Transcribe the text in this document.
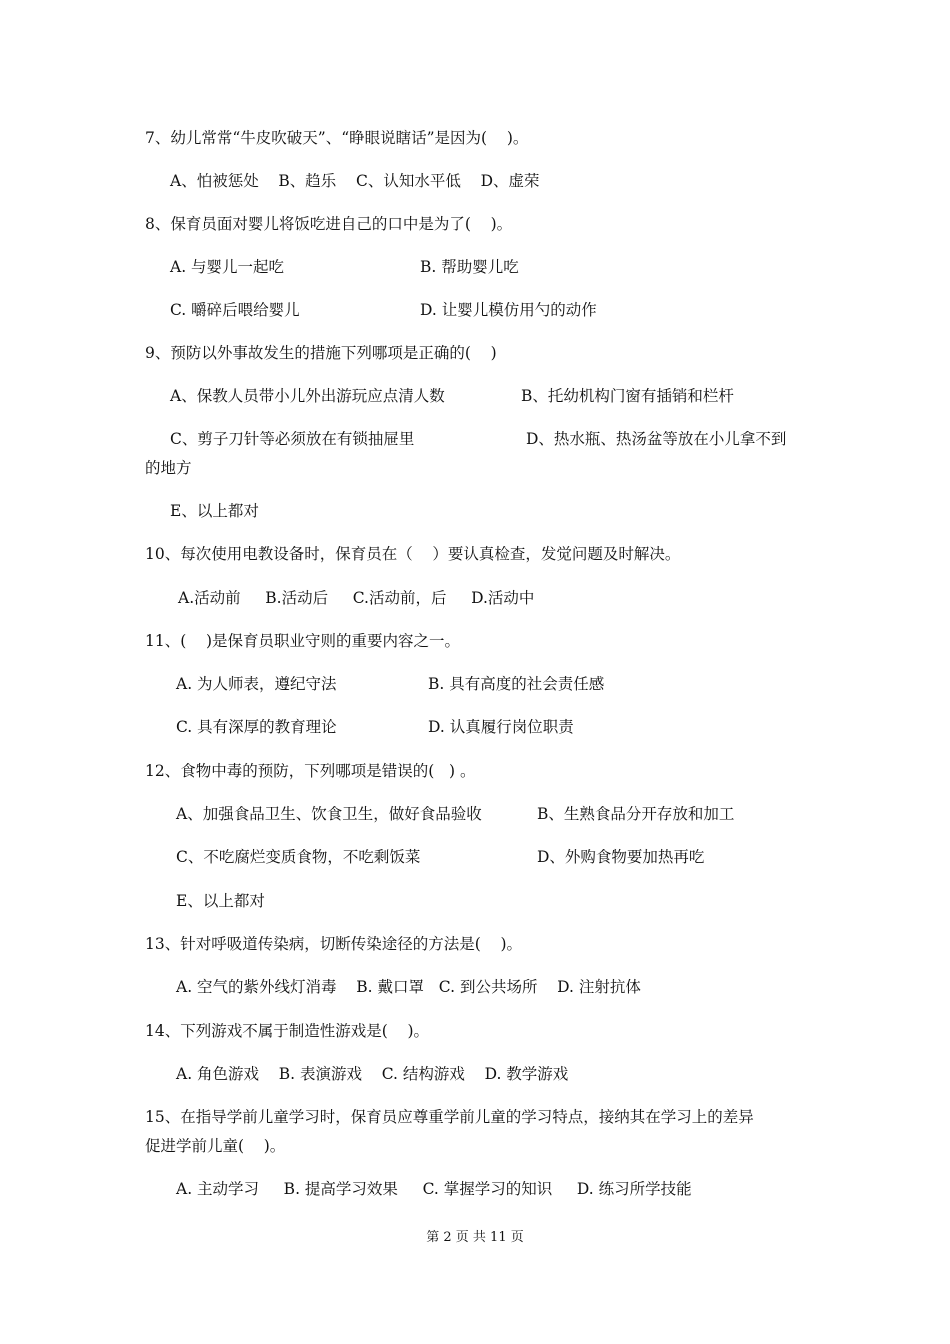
7、幼儿常常“牛皮吹破天”、“睁眼说瞎话”是因为(    )。
A、怕被惩处    B、趋乐    C、认知水平低    D、虚荣
8、保育员面对婴儿将饭吃进自己的口中是为了(    )。
A. 与婴儿一起吃	B. 帮助婴儿吃
C. 嚼碎后喂给婴儿	D. 让婴儿模仿用勺的动作
9、预防以外事故发生的措施下列哪项是正确的(    )
A、保教人员带小儿外出游玩应点清人数	B、托幼机构门窗有插销和栏杆
C、剪子刀针等必须放在有锁抽屉里	D、热水瓶、热汤盆等放在小儿拿不到
的地方
E、以上都对
10、每次使用电教设备时，保育员在（    ）要认真检查，发觉问题及时解决。
A.活动前     B.活动后     C.活动前，后     D.活动中
11、(    )是保育员职业守则的重要内容之一。
A. 为人师表，遵纪守法	B. 具有高度的社会责任感
C. 具有深厚的教育理论	D. 认真履行岗位职责
12、食物中毒的预防，下列哪项是错误的(   ) 。
A、加强食品卫生、饮食卫生，做好食品验收	B、生熟食品分开存放和加工
C、不吃腐烂变质食物，不吃剩饭菜	D、外购食物要加热再吃
E、以上都对
13、针对呼吸道传染病，切断传染途径的方法是(    )。
A. 空气的紫外线灯消毒    B. 戴口罩   C. 到公共场所    D. 注射抗体
14、下列游戏不属于制造性游戏是(    )。
A. 角色游戏    B. 表演游戏    C. 结构游戏    D. 教学游戏
15、在指导学前儿童学习时，保育员应尊重学前儿童的学习特点，接纳其在学习上的差异
促进学前儿童(    )。
A. 主动学习     B. 提高学习效果     C. 掌握学习的知识     D. 练习所学技能
第 2 页 共 11 页
